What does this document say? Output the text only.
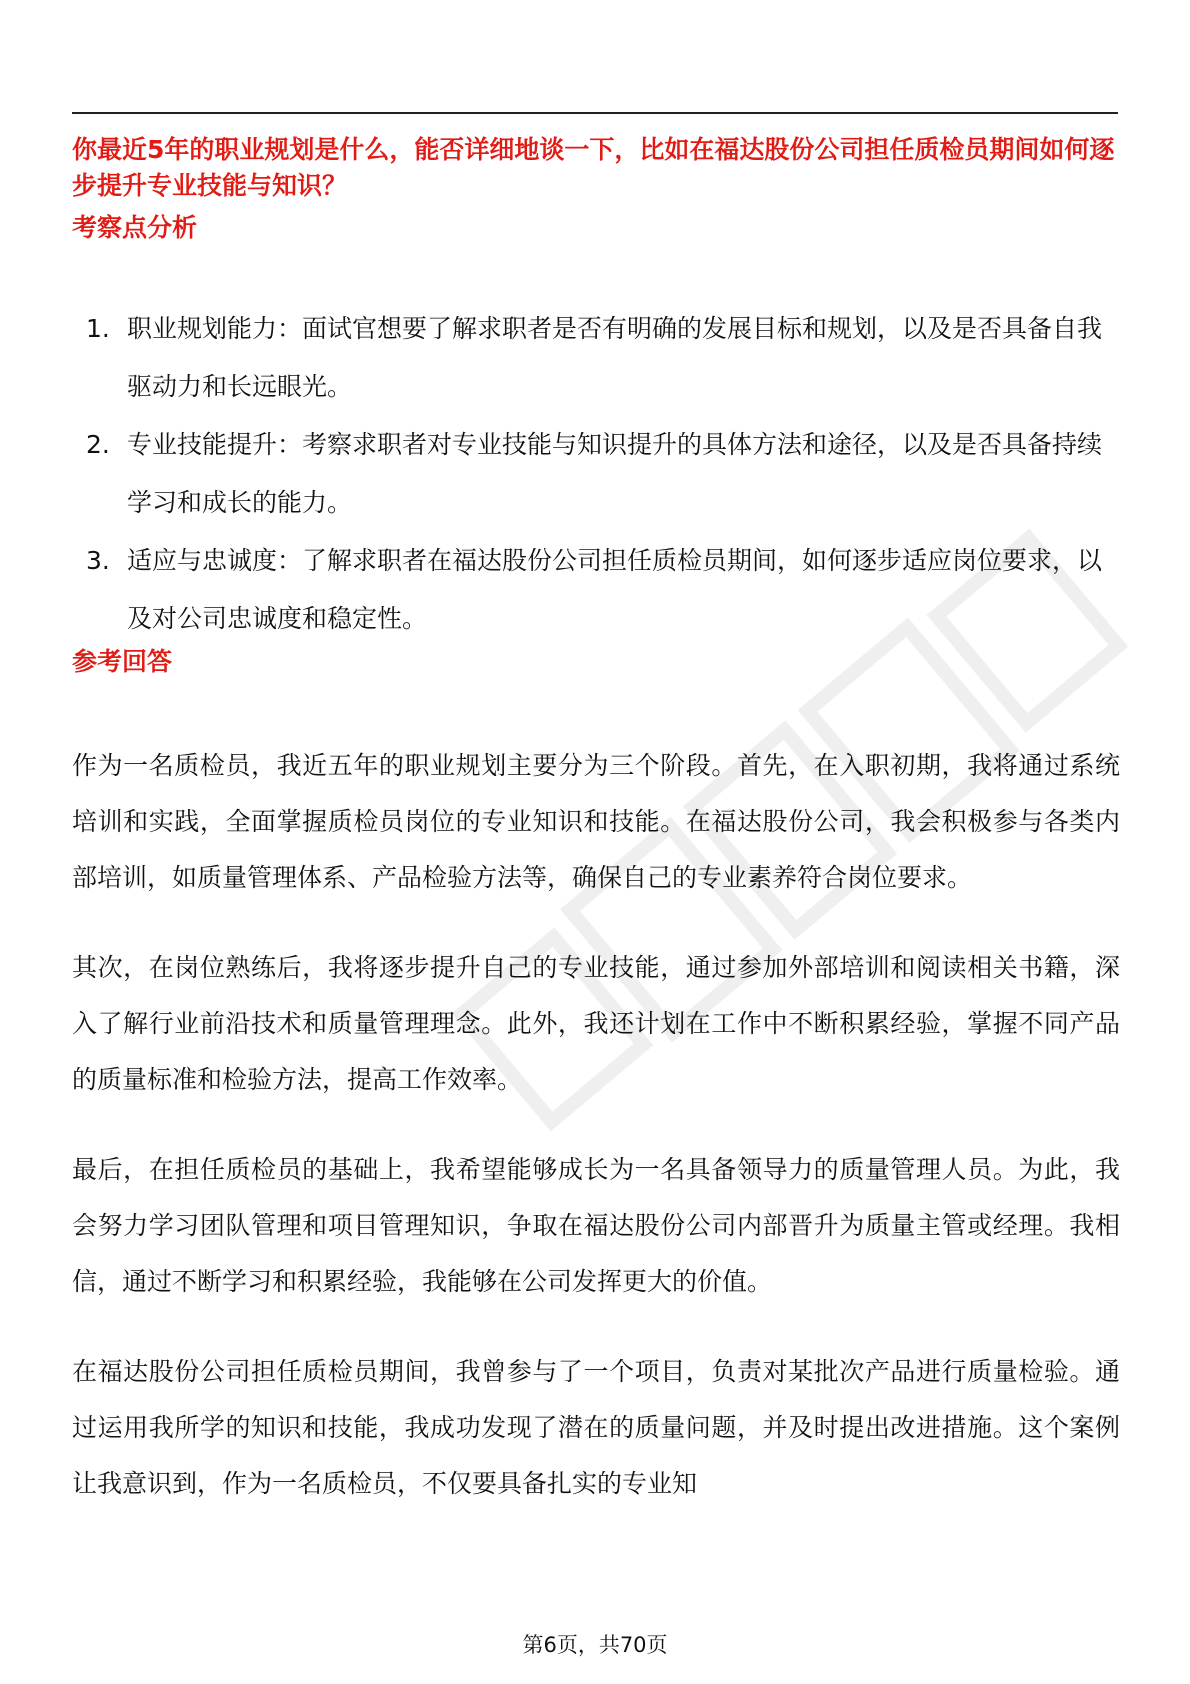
你最近5年的职业规划是什么，能否详细地谈一下，比如在福达股份公司担任质检员期间如何逐步提升专业技能与知识？
考察点分析
1. 职业规划能力：面试官想要了解求职者是否有明确的发展目标和规划，以及是否具备自我驱动力和长远眼光。
2. 专业技能提升：考察求职者对专业技能与知识提升的具体方法和途径，以及是否具备持续学习和成长的能力。
3. 适应与忠诚度：了解求职者在福达股份公司担任质检员期间，如何逐步适应岗位要求，以及对公司忠诚度和稳定性。
参考回答

作为一名质检员，我近五年的职业规划主要分为三个阶段。首先，在入职初期，我将通过系统培训和实践，全面掌握质检员岗位的专业知识和技能。在福达股份公司，我会积极参与各类内部培训，如质量管理体系、产品检验方法等，确保自己的专业素养符合岗位要求。

其次，在岗位熟练后，我将逐步提升自己的专业技能，通过参加外部培训和阅读相关书籍，深入了解行业前沿技术和质量管理理念。此外，我还计划在工作中不断积累经验，掌握不同产品的质量标准和检验方法，提高工作效率。

最后，在担任质检员的基础上，我希望能够成长为一名具备领导力的质量管理人员。为此，我会努力学习团队管理和项目管理知识，争取在福达股份公司内部晋升为质量主管或经理。我相信，通过不断学习和积累经验，我能够在公司发挥更大的价值。

在福达股份公司担任质检员期间，我曾参与了一个项目，负责对某批次产品进行质量检验。通过运用我所学的知识和技能，我成功发现了潜在的质量问题，并及时提出改进措施。这个案例让我意识到，作为一名质检员，不仅要具备扎实的专业知

第6页，共70页
